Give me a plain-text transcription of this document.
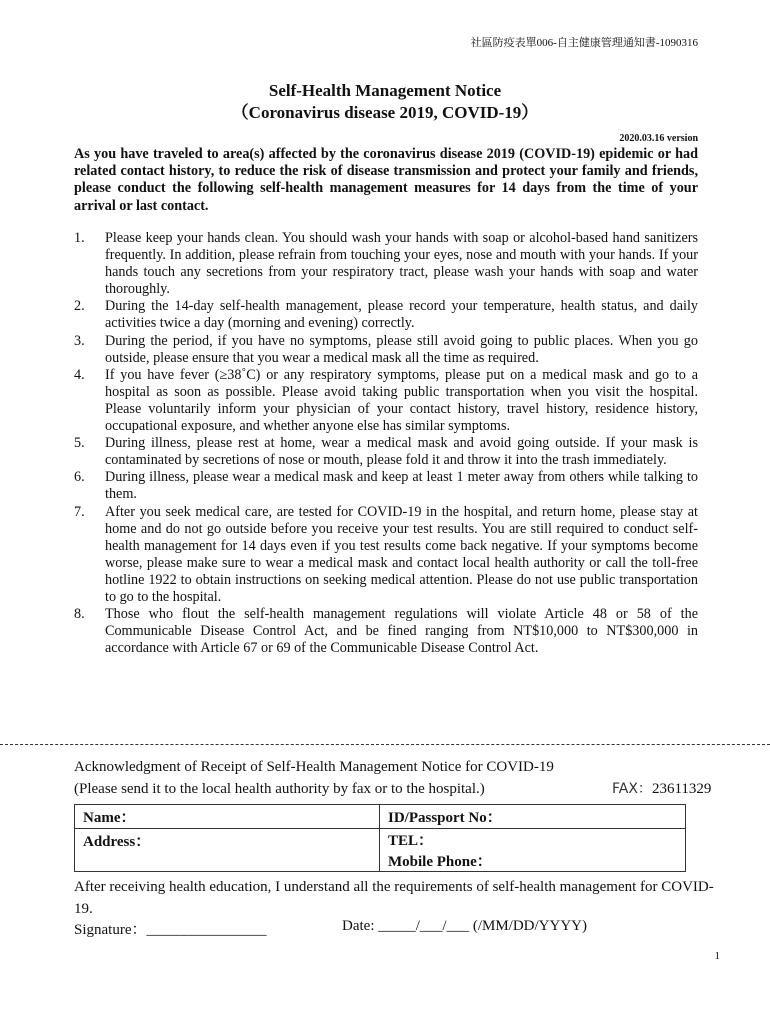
社區防疫表單006-自主健康管理通知書-1090316
Self-Health Management Notice
（Coronavirus disease 2019, COVID-19）
2020.03.16 version
As you have traveled to area(s) affected by the coronavirus disease 2019 (COVID-19) epidemic or had related contact history, to reduce the risk of disease transmission and protect your family and friends, please conduct the following self-health management measures for 14 days from the time of your arrival or last contact.
1. Please keep your hands clean. You should wash your hands with soap or alcohol-based hand sanitizers frequently. In addition, please refrain from touching your eyes, nose and mouth with your hands. If your hands touch any secretions from your respiratory tract, please wash your hands with soap and water thoroughly.
2. During the 14-day self-health management, please record your temperature, health status, and daily activities twice a day (morning and evening) correctly.
3. During the period, if you have no symptoms, please still avoid going to public places. When you go outside, please ensure that you wear a medical mask all the time as required.
4. If you have fever (≥38˚C) or any respiratory symptoms, please put on a medical mask and go to a hospital as soon as possible. Please avoid taking public transportation when you visit the hospital. Please voluntarily inform your physician of your contact history, travel history, residence history, occupational exposure, and whether anyone else has similar symptoms.
5. During illness, please rest at home, wear a medical mask and avoid going outside. If your mask is contaminated by secretions of nose or mouth, please fold it and throw it into the trash immediately.
6. During illness, please wear a medical mask and keep at least 1 meter away from others while talking to them.
7. After you seek medical care, are tested for COVID-19 in the hospital, and return home, please stay at home and do not go outside before you receive your test results. You are still required to conduct self-health management for 14 days even if you test results come back negative. If your symptoms become worse, please make sure to wear a medical mask and contact local health authority or call the toll-free hotline 1922 to obtain instructions on seeking medical attention. Please do not use public transportation to go to the hospital.
8. Those who flout the self-health management regulations will violate Article 48 or 58 of the Communicable Disease Control Act, and be fined ranging from NT$10,000 to NT$300,000 in accordance with Article 67 or 69 of the Communicable Disease Control Act.
Acknowledgment of Receipt of Self-Health Management Notice for COVID-19
(Please send it to the local health authority by fax or to the hospital.)	FAX：23611329
Name：	ID/Passport No：
Address：	TEL：
Mobile Phone：
After receiving health education, I understand all the requirements of self-health management for COVID-19.
Signature：________________	Date: _____/___/___ (/MM/DD/YYYY)
1
